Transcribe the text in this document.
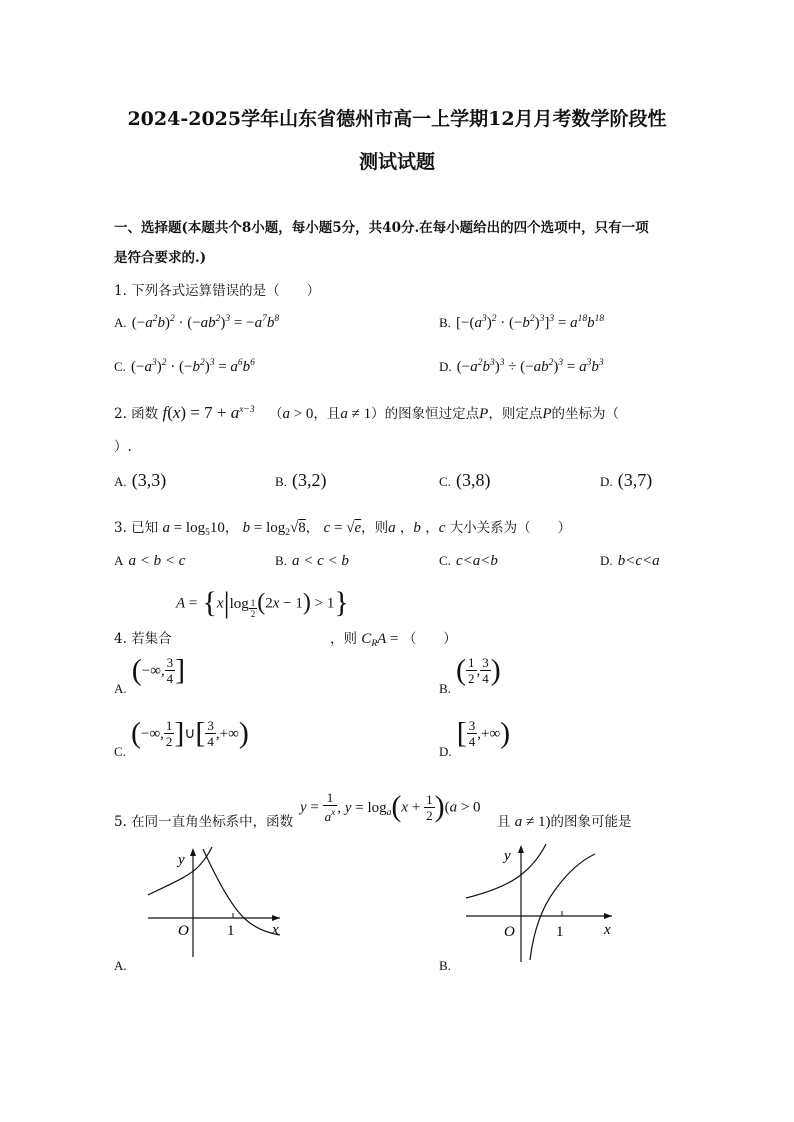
2024-2025学年山东省德州市高一上学期12月月考数学阶段性
测试试题
一、选择题(本题共个8小题，每小题5分，共40分.在每小题给出的四个选项中，只有一项
是符合要求的.)
1. 下列各式运算错误的是（　　）
A. $(-a^2b)^2 \cdot (-ab^2)^3 = -a^7b^8$	B. $[-(a^3)^2 \cdot (-b^2)^3]^3 = a^{18}b^{18}$
C. $(-a^3)^2 \cdot (-b^2)^3 = a^6b^6$	D. $(-a^2b^3)^3 \div (-ab^2)^3 = a^3b^3$
2. 函数 $f(x) = 7 + a^{x-3}$ （a > 0，且a ≠ 1）的图象恒过定点P，则定点P的坐标为（
）.
A. (3,3)	B. (3,2)	C. (3,8)	D. (3,7)
3. 已知 $a = \log_510$， $b = \log_2√8$， c = √e，则a ，b ，c 大小关系为（　　）
A a < b < c	B. a < c < b	C. c<a<b	D. b<c<a
4. 若集合
A = {x|log $_{\frac{1}{2}}$ (2x − 1) > 1}
，则 $C_RA$ = （　　）
$_{A.}$ (−∞, $\frac{3}{4}$ ]
$_{B.}$ ( $\frac{1}{2}$ , $\frac{3}{4}$ )
$_{C.}$ (−∞, $\frac{1}{2}$ ]∪[ $\frac{3}{4}$ ,+∞)
$_{D.}$ [ $\frac{3}{4}$ ,+∞)
5. 在同一直角坐标系中，函数
$y = \frac{1}{a^x}$ , $y = \log_a(x + \frac{1}{2} )(a > 0$
且 a ≠ 1)的图象可能是
y
x
O	1
A.
y
x
O	1
B.
